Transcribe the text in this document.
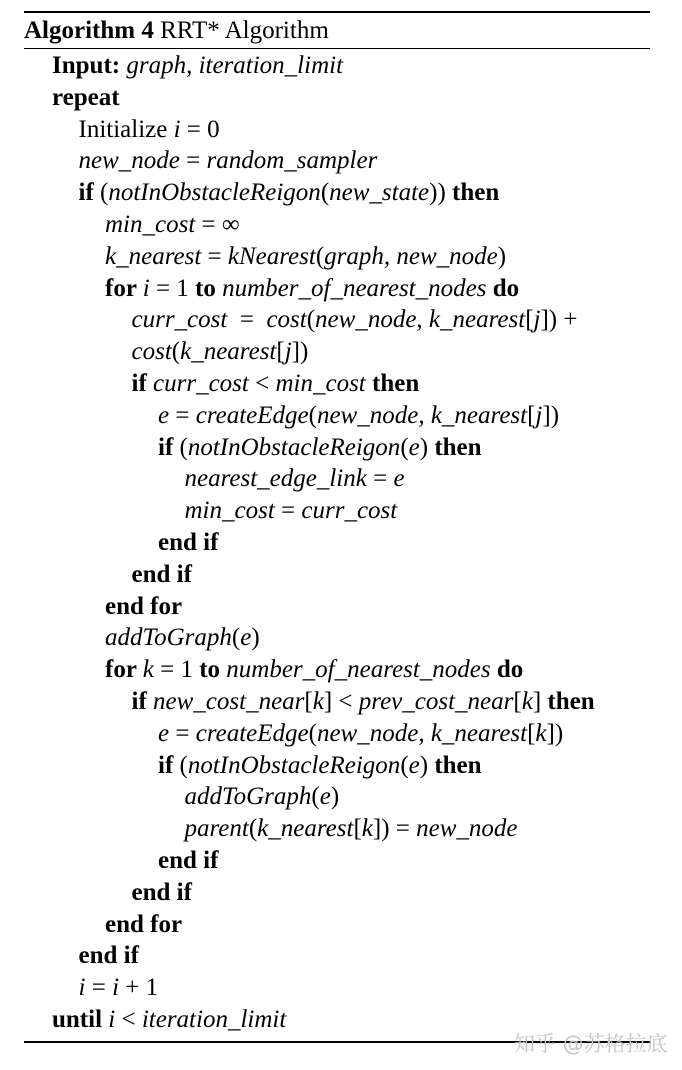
Algorithm 4 RRT* Algorithm
Input: graph, iteration_limit
repeat
Initialize i = 0
new_node = random_sampler
if (notInObstacleReigon(new_state)) then
min_cost = ∞
k_nearest = kNearest(graph, new_node)
for i = 1 to number_of_nearest_nodes do
curr_cost  =  cost(new_node, k_nearest[j]) +
cost(k_nearest[j])
if curr_cost < min_cost then
e = createEdge(new_node, k_nearest[j])
if (notInObstacleReigon(e) then
nearest_edge_link = e
min_cost = curr_cost
end if
end if
end for
addToGraph(e)
for k = 1 to number_of_nearest_nodes do
if new_cost_near[k] < prev_cost_near[k] then
e = createEdge(new_node, k_nearest[k])
if (notInObstacleReigon(e) then
addToGraph(e)
parent(k_nearest[k]) = new_node
end if
end if
end for
end if
i = i + 1
until i < iteration_limit
知乎 @苏格拉底
